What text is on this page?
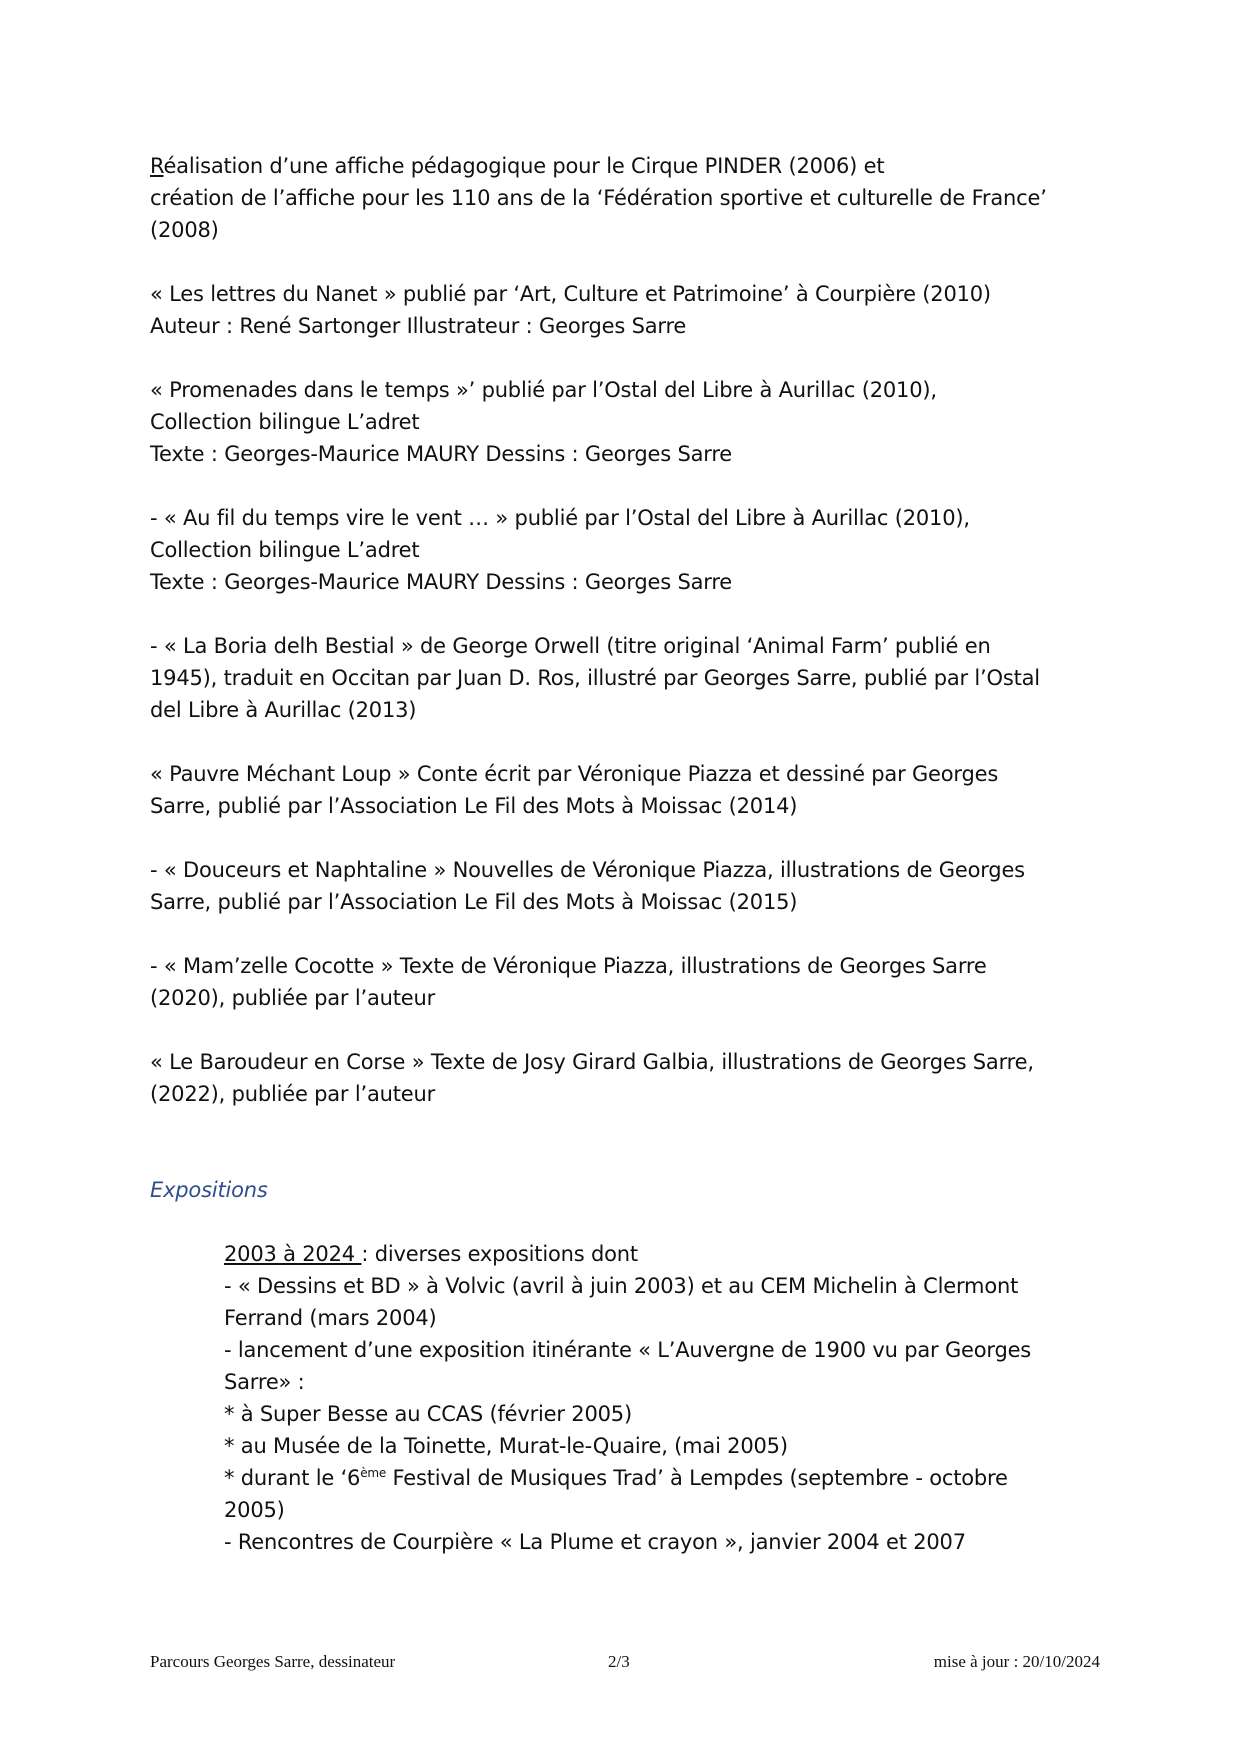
Réalisation d’une affiche pédagogique pour le Cirque PINDER (2006) et
création de l’affiche pour les 110 ans de la ‘Fédération sportive et culturelle de France’
(2008)

« Les lettres du Nanet » publié par ‘Art, Culture et Patrimoine’ à Courpière (2010)
Auteur : René Sartonger Illustrateur : Georges Sarre

« Promenades dans le temps »’ publié par l’Ostal del Libre à Aurillac (2010),
Collection bilingue L’adret
Texte : Georges-Maurice MAURY Dessins : Georges Sarre

- « Au fil du temps vire le vent … » publié par l’Ostal del Libre à Aurillac (2010),
Collection bilingue L’adret
Texte : Georges-Maurice MAURY Dessins : Georges Sarre

- « La Boria delh Bestial » de George Orwell (titre original ‘Animal Farm’ publié en
1945), traduit en Occitan par Juan D. Ros, illustré par Georges Sarre, publié par l’Ostal
del Libre à Aurillac (2013)

« Pauvre Méchant Loup » Conte écrit par Véronique Piazza et dessiné par Georges
Sarre, publié par l’Association Le Fil des Mots à Moissac (2014)

- « Douceurs et Naphtaline » Nouvelles de Véronique Piazza, illustrations de Georges
Sarre, publié par l’Association Le Fil des Mots à Moissac (2015)

- « Mam’zelle Cocotte » Texte de Véronique Piazza, illustrations de Georges Sarre
(2020), publiée par l’auteur

« Le Baroudeur en Corse » Texte de Josy Girard Galbia, illustrations de Georges Sarre,
(2022), publiée par l’auteur

Expositions
2003 à 2024 : diverses expositions dont
- « Dessins et BD » à Volvic (avril à juin 2003) et au CEM Michelin à Clermont
Ferrand (mars 2004)
- lancement d’une exposition itinérante « L’Auvergne de 1900 vu par Georges
Sarre» :
* à Super Besse au CCAS (février 2005)
* au Musée de la Toinette, Murat-le-Quaire, (mai 2005)
* durant le ‘6ème Festival de Musiques Trad’ à Lempdes (septembre - octobre
2005)
- Rencontres de Courpière « La Plume et crayon », janvier 2004 et 2007
Parcours Georges Sarre, dessinateur	2/3	mise à jour : 20/10/2024
